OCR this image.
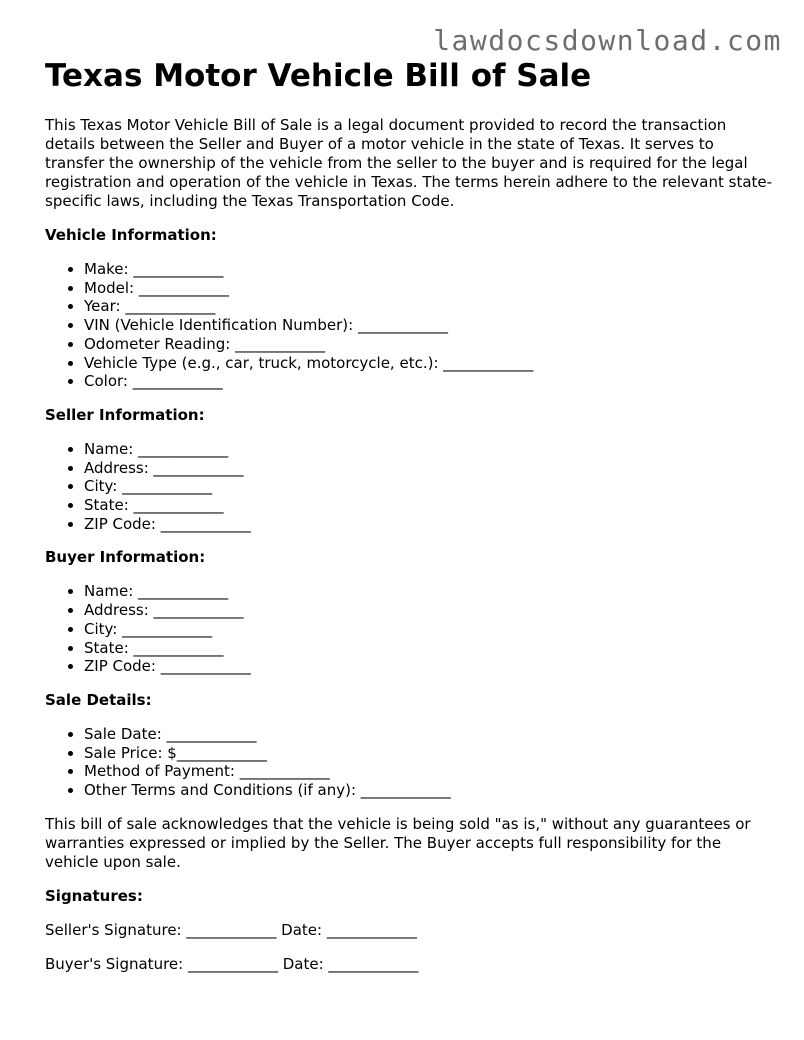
lawdocsdownload.com
Texas Motor Vehicle Bill of Sale

This Texas Motor Vehicle Bill of Sale is a legal document provided to record the transaction details between the Seller and Buyer of a motor vehicle in the state of Texas. It serves to transfer the ownership of the vehicle from the seller to the buyer and is required for the legal registration and operation of the vehicle in Texas. The terms herein adhere to the relevant state-specific laws, including the Texas Transportation Code.

Vehicle Information:
• Make: ____________
• Model: ____________
• Year: ____________
• VIN (Vehicle Identification Number): ____________
• Odometer Reading: ____________
• Vehicle Type (e.g., car, truck, motorcycle, etc.): ____________
• Color: ____________
Seller Information:
• Name: ____________
• Address: ____________
• City: ____________
• State: ____________
• ZIP Code: ____________
Buyer Information:
• Name: ____________
• Address: ____________
• City: ____________
• State: ____________
• ZIP Code: ____________
Sale Details:
• Sale Date: ____________
• Sale Price: $____________
• Method of Payment: ____________
• Other Terms and Conditions (if any): ____________

This bill of sale acknowledges that the vehicle is being sold "as is," without any guarantees or warranties expressed or implied by the Seller. The Buyer accepts full responsibility for the vehicle upon sale.

Signatures:
Seller's Signature: ____________ Date: ____________
Buyer's Signature: ____________ Date: ____________
